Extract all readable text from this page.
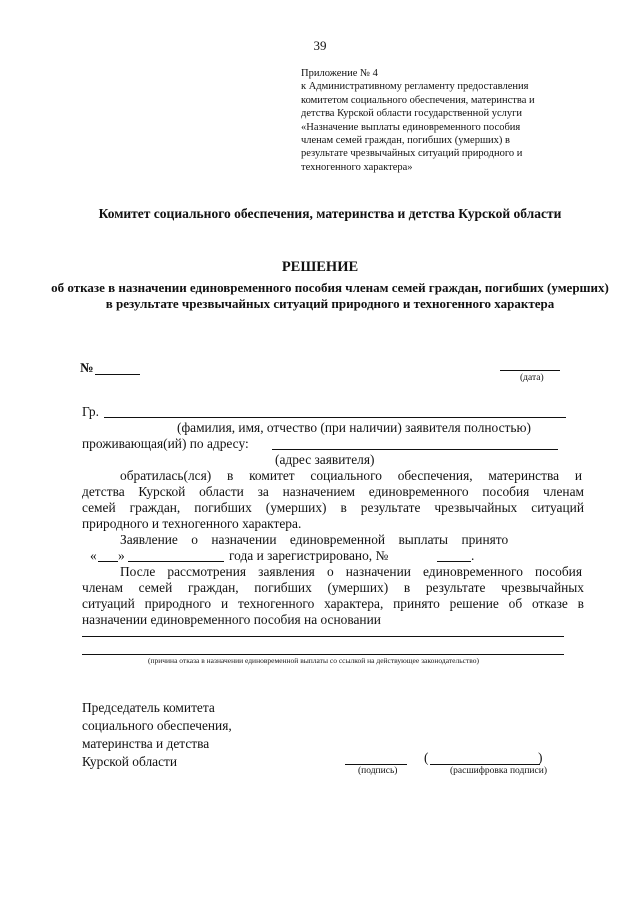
39
Приложение № 4
к Административному регламенту предоставления
комитетом социального обеспечения, материнства и
детства Курской области государственной услуги
«Назначение выплаты единовременного пособия
членам семей граждан, погибших (умерших) в
результате чрезвычайных ситуаций природного и
техногенного характера»
Комитет социального обеспечения, материнства и детства Курской области
РЕШЕНИЕ
об отказе в назначении единовременного пособия членам семей граждан, погибших (умерших) в результате чрезвычайных ситуаций природного и техногенного характера
№
(дата)
Гр.
(фамилия, имя, отчество (при наличии) заявителя полностью)
проживающая(ий) по адресу:
(адрес заявителя)
обратилась(лся) в комитет социального обеспечения, материнства и
детства Курской области за назначением единовременного пособия членам
семей граждан, погибших (умерших) в результате чрезвычайных ситуаций
природного и техногенного характера.
Заявление    о    назначении    единовременной    выплаты    принято
« »	года и зарегистрировано, №	.
После рассмотрения заявления о назначении единовременного пособия
членам семей граждан, погибших (умерших) в результате чрезвычайных
ситуаций природного и техногенного характера, принято решение об отказе в
назначении единовременного пособия на основании
(причина отказа в назначении единовременной выплаты со ссылкой на действующее законодательство)
Председатель комитета
социального обеспечения,
материнства и детства
Курской области
(подпись)
(	)
(расшифровка подписи)
